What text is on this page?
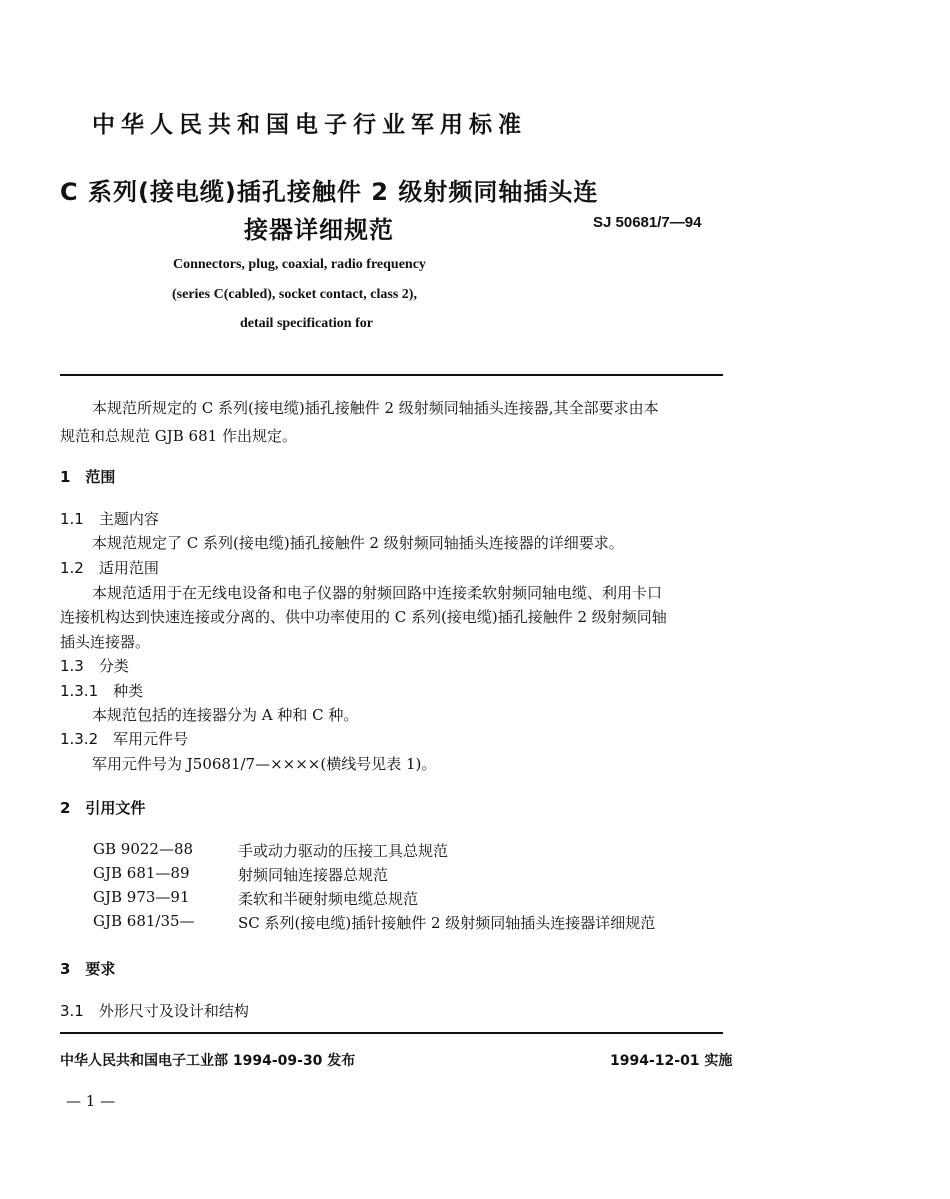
中华人民共和国电子行业军用标准
C 系列(接电缆)插孔接触件 2 级射频同轴插头连
接器详细规范	SJ 50681/7—94
Connectors, plug, coaxial, radio frequency
(series C(cabled), socket contact, class 2),
detail specification for
本规范所规定的 C 系列(接电缆)插孔接触件 2 级射频同轴插头连接器,其全部要求由本
规范和总规范 GJB 681 作出规定。
1　范围
1.1　主题内容
本规范规定了 C 系列(接电缆)插孔接触件 2 级射频同轴插头连接器的详细要求。
1.2　适用范围
本规范适用于在无线电设备和电子仪器的射频回路中连接柔软射频同轴电缆、利用卡口
连接机构达到快速连接或分离的、供中功率使用的 C 系列(接电缆)插孔接触件 2 级射频同轴
插头连接器。
1.3　分类
1.3.1　种类
本规范包括的连接器分为 A 种和 C 种。
1.3.2　军用元件号
军用元件号为 J50681/7—××××(横线号见表 1)。
2　引用文件
GB 9022—88	手或动力驱动的压接工具总规范
GJB 681—89	射频同轴连接器总规范
GJB 973—91	柔软和半硬射频电缆总规范
GJB 681/35—	SC 系列(接电缆)插针接触件 2 级射频同轴插头连接器详细规范
3　要求
3.1　外形尺寸及设计和结构
中华人民共和国电子工业部 1994-09-30 发布	1994-12-01 实施
— 1 —
